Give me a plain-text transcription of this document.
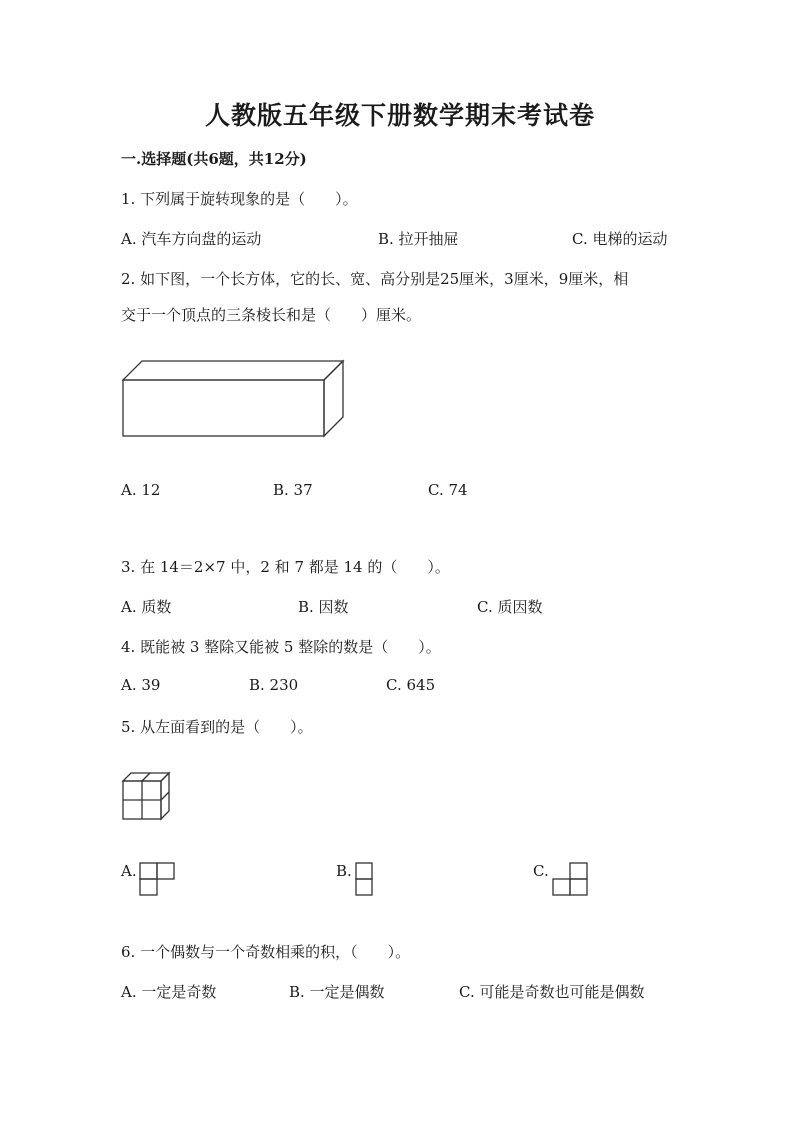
人教版五年级下册数学期末考试卷
一.选择题(共6题，共12分)
1. 下列属于旋转现象的是（　　）。
A. 汽车方向盘的运动	B. 拉开抽屉	C. 电梯的运动
2. 如下图，一个长方体，它的长、宽、高分别是25厘米，3厘米，9厘米，相
交于一个顶点的三条棱长和是（　　）厘米。
A. 12	B. 37	C. 74
3. 在 14＝2×7 中，2 和 7 都是 14 的（　　）。
A. 质数	B. 因数	C. 质因数
4. 既能被 3 整除又能被 5 整除的数是（　　）。
A. 39	B. 230	C. 645
5. 从左面看到的是（　　）。
A.	B.	C.
6. 一个偶数与一个奇数相乘的积，（　　）。
A. 一定是奇数	B. 一定是偶数	C. 可能是奇数也可能是偶数
